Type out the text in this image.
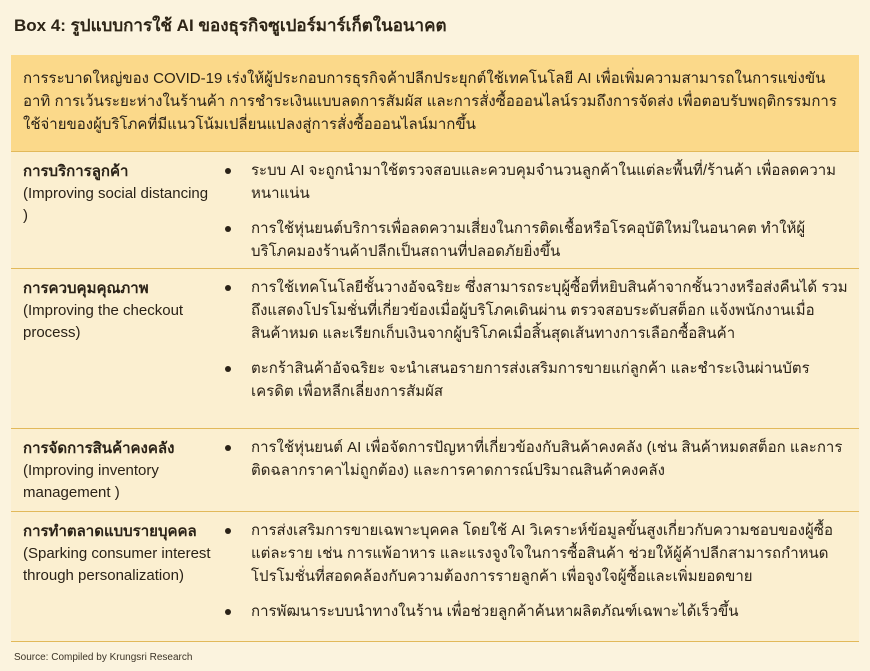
Box 4: รูปแบบการใช้ AI ของธุรกิจซูเปอร์มาร์เก็ตในอนาคต
การระบาดใหญ่ของ COVID-19 เร่งให้ผู้ประกอบการธุรกิจค้าปลีกประยุกต์ใช้เทคโนโลยี AI เพื่อเพิ่มความสามารถในการแข่งขัน อาทิ การเว้นระยะห่างในร้านค้า การชำระเงินแบบลดการสัมผัส และการสั่งซื้อออนไลน์รวมถึงการจัดส่ง เพื่อตอบรับพฤติกรรมการใช้จ่ายของผู้บริโภคที่มีแนวโน้มเปลี่ยนแปลงสู่การสั่งซื้อออนไลน์มากขึ้น
การบริการลูกค้า
(Improving social distancing )
ระบบ AI จะถูกนำมาใช้ตรวจสอบและควบคุมจำนวนลูกค้าในแต่ละพื้นที่/ร้านค้า เพื่อลดความหนาแน่น
การใช้หุ่นยนต์บริการเพื่อลดความเสี่ยงในการติดเชื้อหรือโรคอุบัติใหม่ในอนาคต ทำให้ผู้บริโภคมองร้านค้าปลีกเป็นสถานที่ปลอดภัยยิ่งขึ้น
การควบคุมคุณภาพ
(Improving the checkout process)
การใช้เทคโนโลยีชั้นวางอัจฉริยะ ซึ่งสามารถระบุผู้ซื้อที่หยิบสินค้าจากชั้นวางหรือส่งคืนได้ รวมถึงแสดงโปรโมชั่นที่เกี่ยวข้องเมื่อผู้บริโภคเดินผ่าน ตรวจสอบระดับสต็อก แจ้งพนักงานเมื่อสินค้าหมด และเรียกเก็บเงินจากผู้บริโภคเมื่อสิ้นสุดเส้นทางการเลือกซื้อสินค้า
ตะกร้าสินค้าอัจฉริยะ จะนำเสนอรายการส่งเสริมการขายแก่ลูกค้า และชำระเงินผ่านบัตรเครดิต เพื่อหลีกเลี่ยงการสัมผัส
การจัดการสินค้าคงคลัง
(Improving inventory management )
การใช้หุ่นยนต์ AI เพื่อจัดการปัญหาที่เกี่ยวข้องกับสินค้าคงคลัง (เช่น สินค้าหมดสต็อก และการติดฉลากราคาไม่ถูกต้อง) และการคาดการณ์ปริมาณสินค้าคงคลัง
การทำตลาดแบบรายบุคคล
(Sparking consumer interest through personalization)
การส่งเสริมการขายเฉพาะบุคคล โดยใช้ AI วิเคราะห์ข้อมูลขั้นสูงเกี่ยวกับความชอบของผู้ซื้อแต่ละราย เช่น การแพ้อาหาร และแรงจูงใจในการซื้อสินค้า ช่วยให้ผู้ค้าปลีกสามารถกำหนดโปรโมชั่นที่สอดคล้องกับความต้องการรายลูกค้า เพื่อจูงใจผู้ซื้อและเพิ่มยอดขาย
การพัฒนาระบบนำทางในร้าน เพื่อช่วยลูกค้าค้นหาผลิตภัณฑ์เฉพาะได้เร็วขึ้น
Source: Compiled by Krungsri Research
